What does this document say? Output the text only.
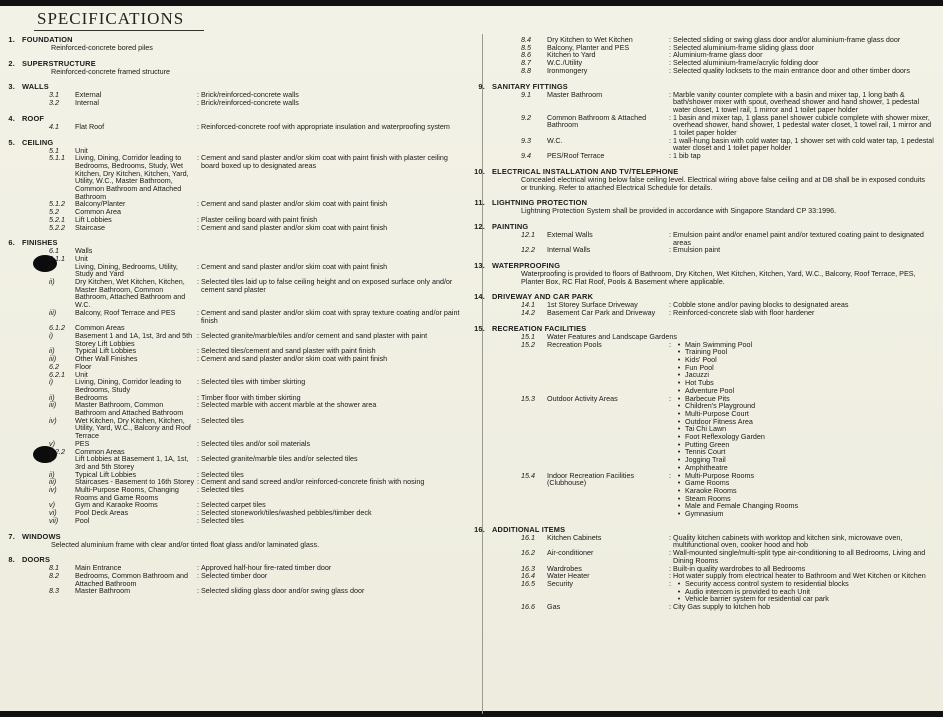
SPECIFICATIONS
1. FOUNDATION
Reinforced-concrete bored piles
2. SUPERSTRUCTURE
Reinforced-concrete framed structure
3. WALLS
3.1	External	: Brick/reinforced-concrete walls
3.2	Internal	: Brick/reinforced-concrete walls
4. ROOF
4.1	Flat Roof	: Reinforced-concrete roof with appropriate insulation and waterproofing system
5. CEILING
5.1	Unit
5.1.1	Living, Dining, Corridor leading to Bedrooms, Bedrooms, Study, Wet Kitchen, Dry Kitchen, Kitchen, Yard, Utility, W.C., Master Bathroom, Common Bathroom and Attached Bathroom
: Cement and sand plaster and/or skim coat with paint finish with plaster ceiling board boxed up to designated areas
5.1.2	Balcony/Planter	: Cement and sand plaster and/or skim coat with paint finish
5.2	Common Area
5.2.1	Lift Lobbies	: Plaster ceiling board with paint finish
5.2.2	Staircase	: Cement and sand plaster and/or skim coat with paint finish
6. FINISHES
6.1	Walls
6.1.1	Unit
i)	Living, Dining, Bedrooms, Utility, Study and Yard
: Cement and sand plaster and/or skim coat with paint finish
ii)	Dry Kitchen, Wet Kitchen, Kitchen, Master Bathroom, Common Bathroom, Attached Bathroom and W.C.
: Selected tiles laid up to false ceiling height and on exposed surface only and/or cement sand plaster
iii)	Balcony, Roof Terrace and PES	: Cement and sand plaster and/or skim coat with spray texture coating and/or paint finish
6.1.2	Common Areas
i)	Basement 1 and 1A, 1st, 3rd and 5th Storey Lift Lobbies
: Selected granite/marble/tiles and/or cement and sand plaster with paint
ii)	Typical Lift Lobbies	: Selected tiles/cement and sand plaster with paint finish
iii)	Other Wall Finishes	: Cement and sand plaster and/or skim coat with paint finish
6.2	Floor
6.2.1	Unit
i)	Living, Dining, Corridor leading to Bedrooms, Study
: Selected tiles with timber skirting
ii)	Bedrooms	: Timber floor with timber skirting
iii)	Master Bathroom, Common Bathroom and Attached Bathroom
: Selected marble with accent marble at the shower area
iv)	Wet Kitchen, Dry Kitchen, Kitchen, Utility, Yard, W.C., Balcony and Roof Terrace
: Selected tiles
v)	PES	: Selected tiles and/or soil materials
6.2.2	Common Areas
i)	Lift Lobbies at Basement 1, 1A, 1st, 3rd and 5th Storey
: Selected granite/marble tiles and/or selected tiles
ii)	Typical Lift Lobbies	: Selected tiles
iii)	Staircases - Basement to 16th Storey : Cement and sand screed and/or reinforced-concrete finish with nosing
iv)	Multi-Purpose Rooms, Changing Rooms and Game Rooms
: Selected tiles
v)	Gym and Karaoke Rooms	: Selected carpet tiles
vi)	Pool Deck Areas	: Selected stonework/tiles/washed pebbles/timber deck
vii)	Pool	: Selected tiles
7. WINDOWS
Selected aluminium frame with clear and/or tinted float glass and/or laminated glass.
8. DOORS
8.1	Main Entrance	: Approved half-hour fire-rated timber door
8.2	Bedrooms, Common Bathroom and Attached Bathroom
: Selected timber door
8.3	Master Bathroom	: Selected sliding glass door and/or swing glass door
8.4	Dry Kitchen to Wet Kitchen	: Selected sliding or swing glass door and/or aluminium-frame glass door
8.5	Balcony, Planter and PES	: Selected aluminium-frame sliding glass door
8.6	Kitchen to Yard	: Aluminium-frame glass door
8.7	W.C./Utility	: Selected aluminium-frame/acrylic folding door
8.8	Ironmongery	: Selected quality locksets to the main entrance door and other timber doors
9. SANITARY FITTINGS
9.1	Master Bathroom	: Marble vanity counter complete with a basin and mixer tap, 1 long bath & bath/shower mixer with spout, overhead shower and hand shower, 1 pedestal water closet, 1 towel rail, 1 mirror and 1 toilet paper holder
9.2	Common Bathroom & Attached Bathroom
: 1 basin and mixer tap, 1 glass panel shower cubicle complete with shower mixer, overhead shower, hand shower, 1 pedestal water closet, 1 towel rail, 1 mirror and 1 toilet paper holder
9.3	W.C.	: 1 wall-hung basin with cold water tap, 1 shower set with cold water tap, 1 pedestal water closet and 1 toilet paper holder
9.4	PES/Roof Terrace	: 1 bib tap
10. ELECTRICAL INSTALLATION AND TV/TELEPHONE
Concealed electrical wiring below false ceiling level. Electrical wiring above false ceiling and at DB shall be in exposed conduits or trunking. Refer to attached Electrical Schedule for details.
11. LIGHTNING PROTECTION
Lightning Protection System shall be provided in accordance with Singapore Standard CP 33:1996.
12. PAINTING
12.1	External Walls	: Emulsion paint and/or enamel paint and/or textured coating paint to designated areas
12.2	Internal Walls	: Emulsion paint
13. WATERPROOFING
Waterproofing is provided to floors of Bathroom, Dry Kitchen, Wet Kitchen, Kitchen, Yard, W.C., Balcony, Roof Terrace, PES, Planter Box, RC Flat Roof, Pools & Basement where applicable.
14. DRIVEWAY AND CAR PARK
14.1	1st Storey Surface Driveway	: Cobble stone and/or paving blocks to designated areas
14.2	Basement Car Park and Driveway	: Reinforced-concrete slab with floor hardener
15. RECREATION FACILITIES
15.1	Water Features and Landscape Gardens
15.2	Recreation Pools	: • Main Swimming Pool
• Training Pool
• Kids' Pool
• Fun Pool
• Jacuzzi
• Hot Tubs
• Adventure Pool
15.3	Outdoor Activity Areas	: • Barbecue Pits
• Children's Playground
• Multi-Purpose Court
• Outdoor Fitness Area
• Tai Chi Lawn
• Foot Reflexology Garden
• Putting Green
• Tennis Court
• Jogging Trail
• Amphitheatre
15.4	Indoor Recreation Facilities (Clubhouse)
: • Multi-Purpose Rooms
• Game Rooms
• Karaoke Rooms
• Steam Rooms
• Male and Female Changing Rooms
• Gymnasium
16. ADDITIONAL ITEMS
16.1	Kitchen Cabinets	: Quality kitchen cabinets with worktop and kitchen sink, microwave oven, multifunctional oven, cooker hood and hob
16.2	Air-conditioner	: Wall-mounted single/multi-split type air-conditioning to all Bedrooms, Living and Dining Rooms
16.3	Wardrobes	: Built-in quality wardrobes to all Bedrooms
16.4	Water Heater	: Hot water supply from electrical heater to Bathroom and Wet Kitchen or Kitchen
16.5	Security	: • Security access control system to residential blocks
• Audio intercom is provided to each Unit
• Vehicle barrier system for residential car park
16.6	Gas	: City Gas supply to kitchen hob
